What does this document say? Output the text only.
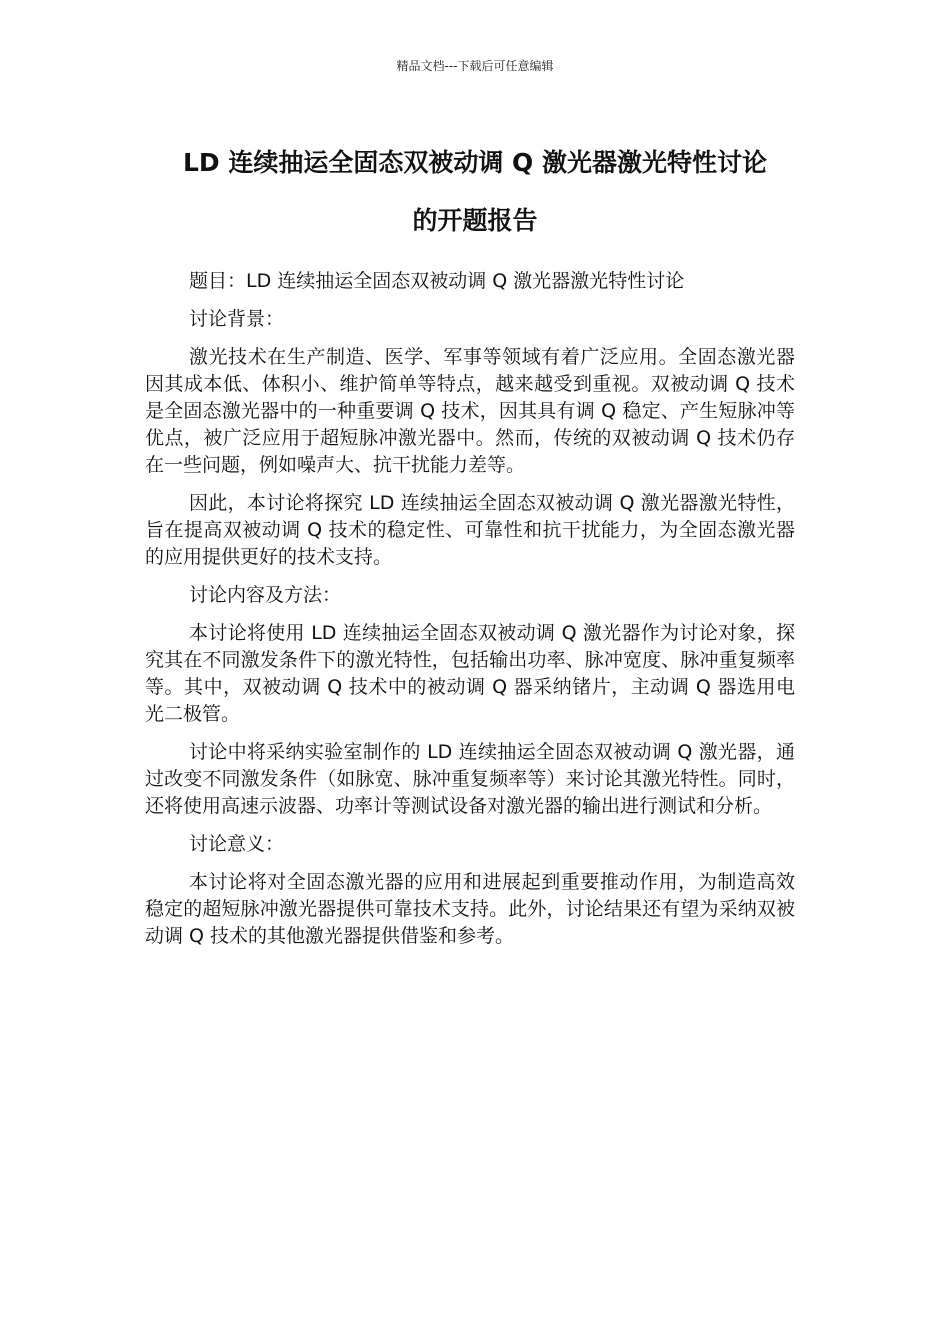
精品文档---下载后可任意编辑
LD 连续抽运全固态双被动调 Q 激光器激光特性讨论
的开题报告

题目：LD 连续抽运全固态双被动调 Q 激光器激光特性讨论

讨论背景：

激光技术在生产制造、医学、军事等领域有着广泛应用。全固态激光器因其成本低、体积小、维护简单等特点，越来越受到重视。双被动调 Q 技术是全固态激光器中的一种重要调 Q 技术，因其具有调 Q 稳定、产生短脉冲等优点，被广泛应用于超短脉冲激光器中。然而，传统的双被动调 Q 技术仍存在一些问题，例如噪声大、抗干扰能力差等。

因此，本讨论将探究 LD 连续抽运全固态双被动调 Q 激光器激光特性，旨在提高双被动调 Q 技术的稳定性、可靠性和抗干扰能力，为全固态激光器的应用提供更好的技术支持。

讨论内容及方法：

本讨论将使用 LD 连续抽运全固态双被动调 Q 激光器作为讨论对象，探究其在不同激发条件下的激光特性，包括输出功率、脉冲宽度、脉冲重复频率等。其中，双被动调 Q 技术中的被动调 Q 器采纳锗片，主动调 Q 器选用电光二极管。

讨论中将采纳实验室制作的 LD 连续抽运全固态双被动调 Q 激光器，通过改变不同激发条件（如脉宽、脉冲重复频率等）来讨论其激光特性。同时，还将使用高速示波器、功率计等测试设备对激光器的输出进行测试和分析。

讨论意义：

本讨论将对全固态激光器的应用和进展起到重要推动作用，为制造高效稳定的超短脉冲激光器提供可靠技术支持。此外，讨论结果还有望为采纳双被动调 Q 技术的其他激光器提供借鉴和参考。
